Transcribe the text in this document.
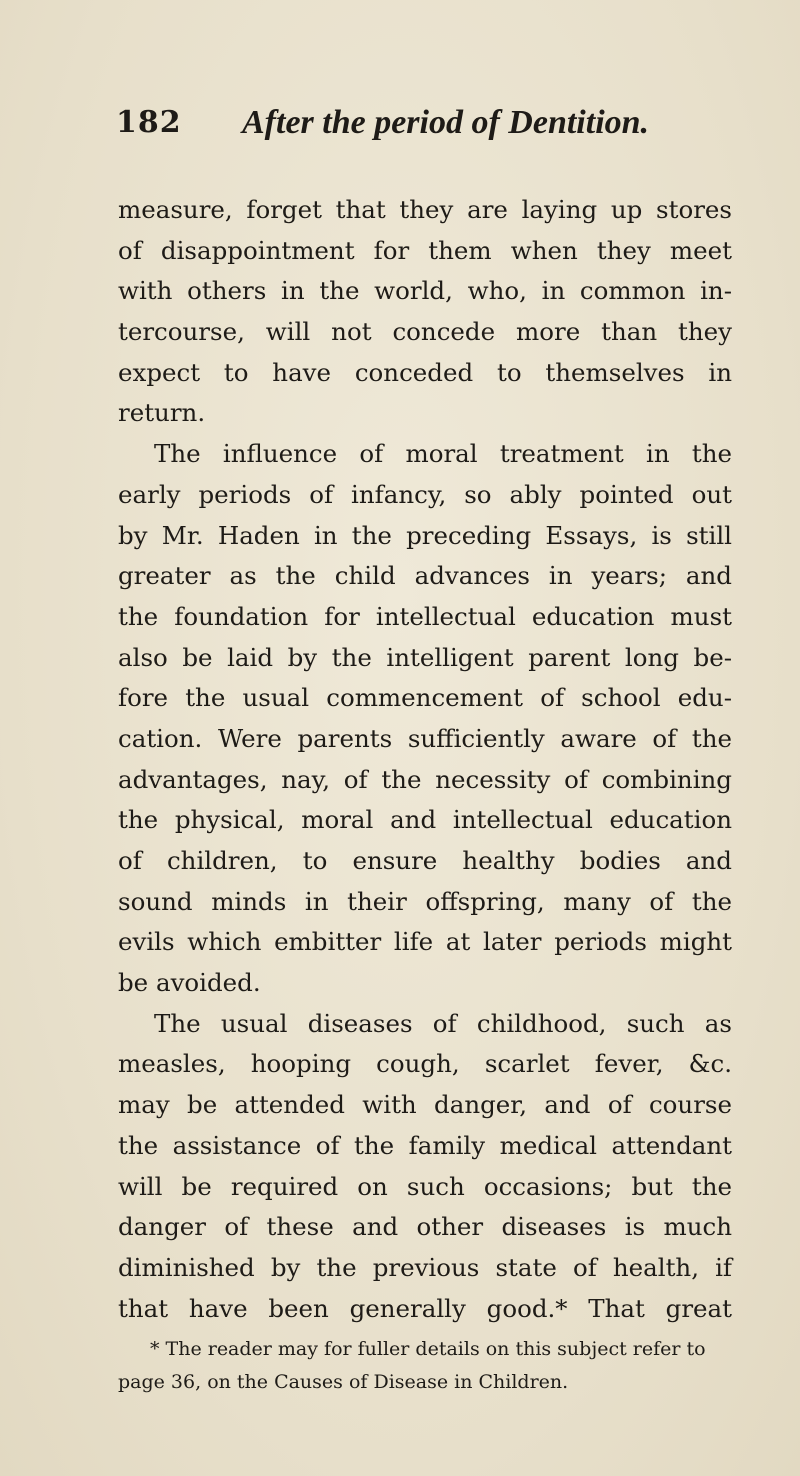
182 After the period of Dentition.
measure, forget that they are laying up stores
of disappointment for them when they meet
with others in the world, who, in common in-
tercourse, will not concede more than they
expect to have conceded to themselves in
return.
The influence of moral treatment in the
early periods of infancy, so ably pointed out
by Mr. Haden in the preceding Essays, is still
greater as the child advances in years; and
the foundation for intellectual education must
also be laid by the intelligent parent long be-
fore the usual commencement of school edu-
cation. Were parents sufficiently aware of the
advantages, nay, of the necessity of combining
the physical, moral and intellectual education
of children, to ensure healthy bodies and
sound minds in their offspring, many of the
evils which embitter life at later periods might
be avoided.
The usual diseases of childhood, such as
measles, hooping cough, scarlet fever, &c.
may be attended with danger, and of course
the assistance of the family medical attendant
will be required on such occasions; but the
danger of these and other diseases is much
diminished by the previous state of health, if
that have been generally good.* That great
* The reader may for fuller details on this subject refer to
page 36, on the Causes of Disease in Children.
